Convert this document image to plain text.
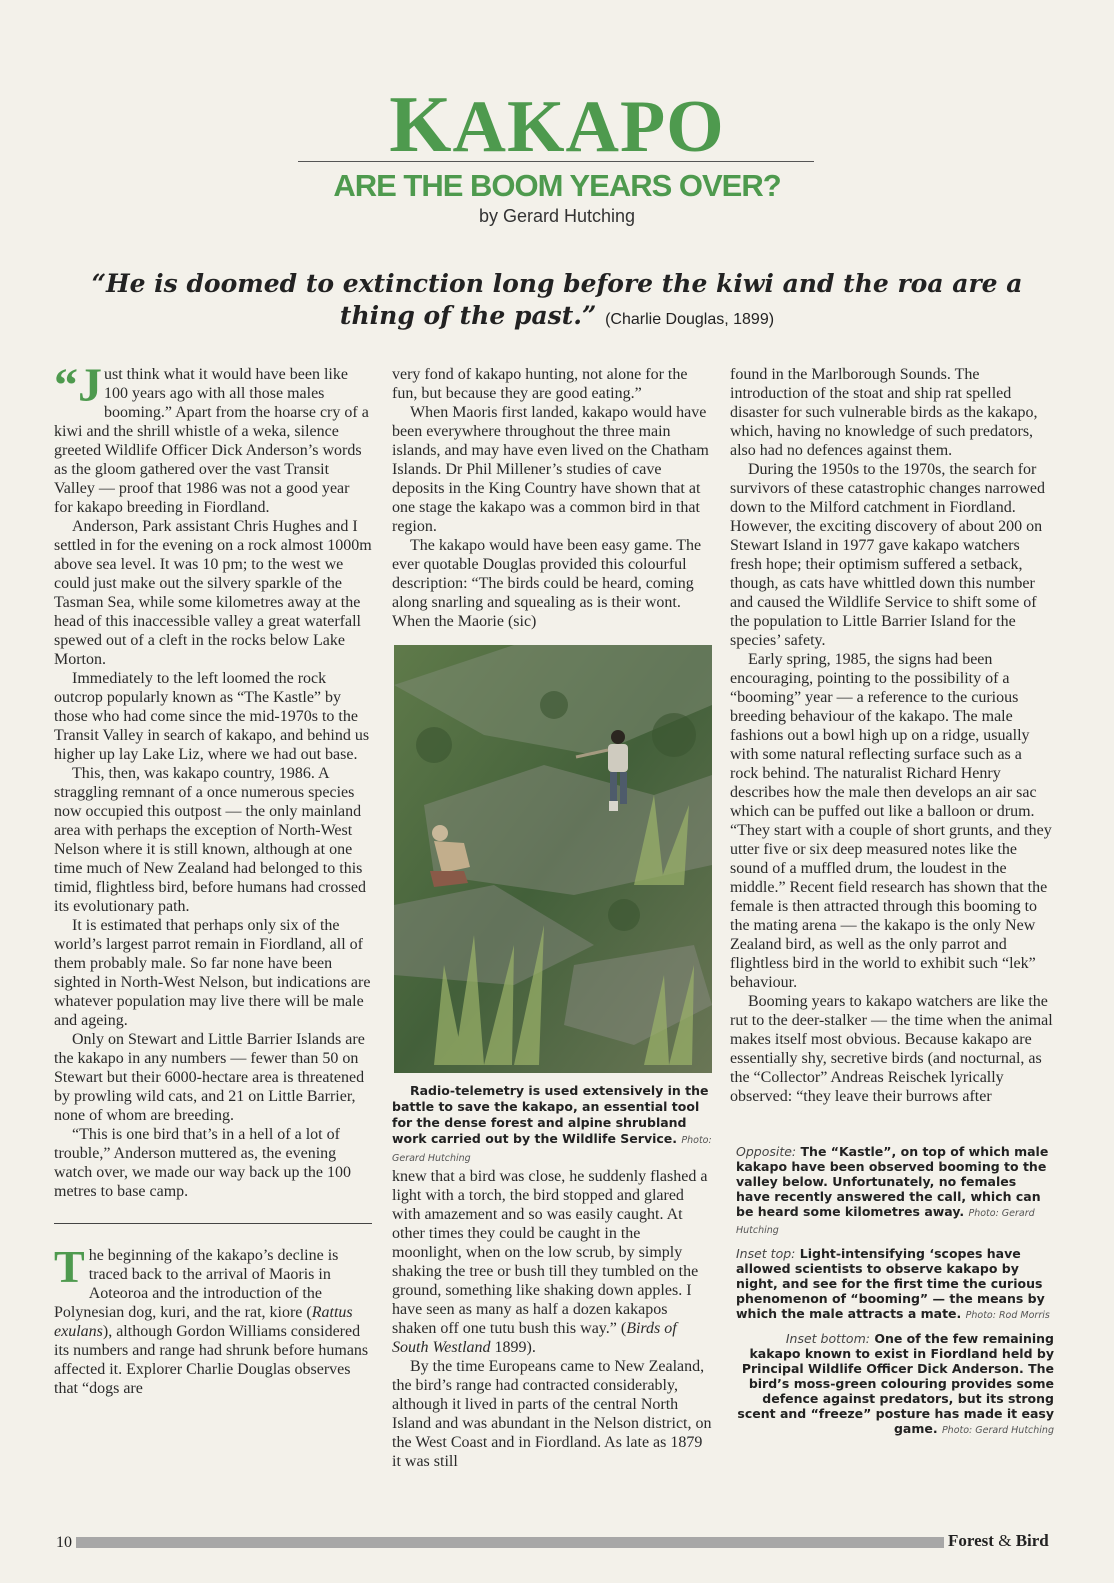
KAKAPO
ARE THE BOOM YEARS OVER?
by Gerard Hutching
“He is doomed to extinction long before the kiwi and the roa are a thing of the past.” (Charlie Douglas, 1899)

“Just think what it would have been like 100 years ago with all those males booming.” Apart from the hoarse cry of a kiwi and the shrill whistle of a weka, silence greeted Wildlife Officer Dick Anderson’s words as the gloom gathered over the vast Transit Valley — proof that 1986 was not a good year for kakapo breeding in Fiordland.

Anderson, Park assistant Chris Hughes and I settled in for the evening on a rock almost 1000m above sea level. It was 10 pm; to the west we could just make out the silvery sparkle of the Tasman Sea, while some kilometres away at the head of this inaccessible valley a great waterfall spewed out of a cleft in the rocks below Lake Morton.

Immediately to the left loomed the rock outcrop popularly known as “The Kastle” by those who had come since the mid-1970s to the Transit Valley in search of kakapo, and behind us higher up lay Lake Liz, where we had out base.

This, then, was kakapo country, 1986. A straggling remnant of a once numerous species now occupied this outpost — the only mainland area with perhaps the exception of North-West Nelson where it is still known, although at one time much of New Zealand had belonged to this timid, flightless bird, before humans had crossed its evolutionary path.

It is estimated that perhaps only six of the world’s largest parrot remain in Fiordland, all of them probably male. So far none have been sighted in North-West Nelson, but indications are whatever population may live there will be male and ageing.

Only on Stewart and Little Barrier Islands are the kakapo in any numbers — fewer than 50 on Stewart but their 6000-hectare area is threatened by prowling wild cats, and 21 on Little Barrier, none of whom are breeding.

“This is one bird that’s in a hell of a lot of trouble,” Anderson muttered as, the evening watch over, we made our way back up the 100 metres to base camp.

The beginning of the kakapo’s decline is traced back to the arrival of Maoris in Aoteoroa and the introduction of the Polynesian dog, kuri, and the rat, kiore (Rattus exulans), although Gordon Williams considered its numbers and range had shrunk before humans affected it. Explorer Charlie Douglas observes that “dogs are

very fond of kakapo hunting, not alone for the fun, but because they are good eating.”

When Maoris first landed, kakapo would have been everywhere throughout the three main islands, and may have even lived on the Chatham Islands. Dr Phil Millener’s studies of cave deposits in the King Country have shown that at one stage the kakapo was a common bird in that region.

The kakapo would have been easy game. The ever quotable Douglas provided this colourful description: “The birds could be heard, coming along snarling and squealing as is their wont. When the Maorie (sic)

Radio-telemetry is used extensively in the battle to save the kakapo, an essential tool for the dense forest and alpine shrubland work carried out by the Wildlife Service. Photo: Gerard Hutching

knew that a bird was close, he suddenly flashed a light with a torch, the bird stopped and glared with amazement and so was easily caught. At other times they could be caught in the moonlight, when on the low scrub, by simply shaking the tree or bush till they tumbled on the ground, something like shaking down apples. I have seen as many as half a dozen kakapos shaken off one tutu bush this way.” (Birds of South Westland 1899).

By the time Europeans came to New Zealand, the bird’s range had contracted considerably, although it lived in parts of the central North Island and was abundant in the Nelson district, on the West Coast and in Fiordland. As late as 1879 it was still

found in the Marlborough Sounds. The introduction of the stoat and ship rat spelled disaster for such vulnerable birds as the kakapo, which, having no knowledge of such predators, also had no defences against them.

During the 1950s to the 1970s, the search for survivors of these catastrophic changes narrowed down to the Milford catchment in Fiordland. However, the exciting discovery of about 200 on Stewart Island in 1977 gave kakapo watchers fresh hope; their optimism suffered a setback, though, as cats have whittled down this number and caused the Wildlife Service to shift some of the population to Little Barrier Island for the species’ safety.

Early spring, 1985, the signs had been encouraging, pointing to the possibility of a “booming” year — a reference to the curious breeding behaviour of the kakapo. The male fashions out a bowl high up on a ridge, usually with some natural reflecting surface such as a rock behind. The naturalist Richard Henry describes how the male then develops an air sac which can be puffed out like a balloon or drum. “They start with a couple of short grunts, and they utter five or six deep measured notes like the sound of a muffled drum, the loudest in the middle.” Recent field research has shown that the female is then attracted through this booming to the mating arena — the kakapo is the only New Zealand bird, as well as the only parrot and flightless bird in the world to exhibit such “lek” behaviour.

Booming years to kakapo watchers are like the rut to the deer-stalker — the time when the animal makes itself most obvious. Because kakapo are essentially shy, secretive birds (and nocturnal, as the “Collector” Andreas Reischek lyrically observed: “they leave their burrows after

Opposite: The “Kastle”, on top of which male kakapo have been observed booming to the valley below. Unfortunately, no females have recently answered the call, which can be heard some kilometres away. Photo: Gerard Hutching

Inset top: Light-intensifying ‘scopes have allowed scientists to observe kakapo by night, and see for the first time the curious phenomenon of “booming” — the means by which the male attracts a mate. Photo: Rod Morris

Inset bottom: One of the few remaining kakapo known to exist in Fiordland held by Principal Wildlife Officer Dick Anderson. The bird’s moss-green colouring provides some defence against predators, but its strong scent and “freeze” posture has made it easy game. Photo: Gerard Hutching

10	Forest & Bird
